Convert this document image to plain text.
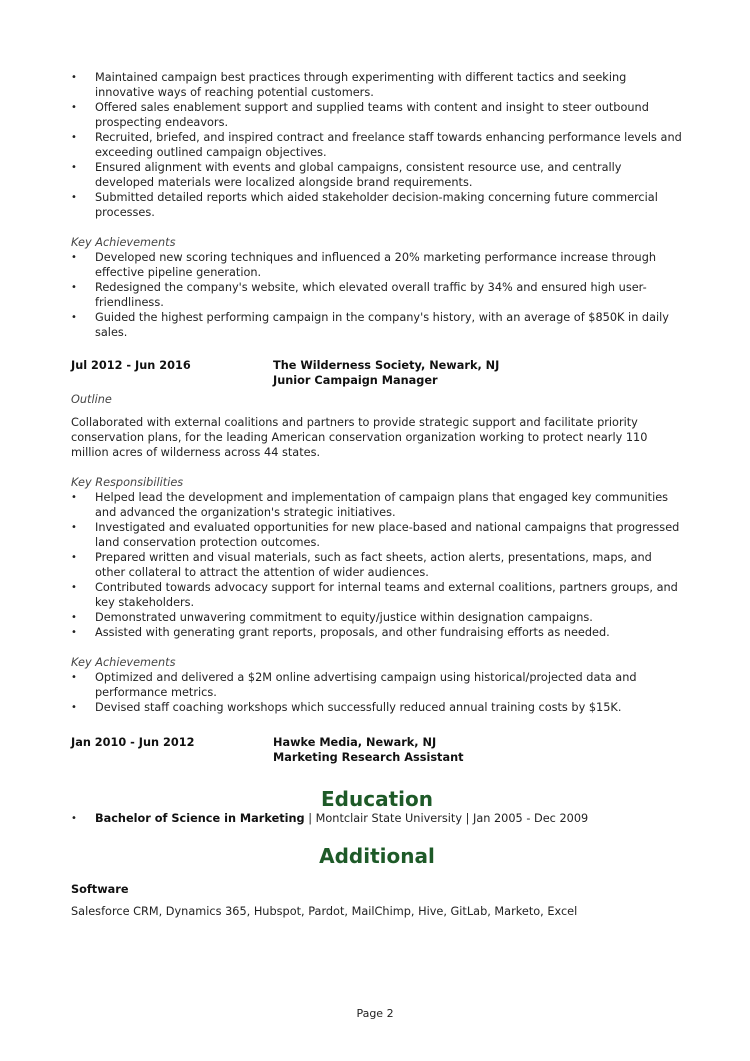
• Maintained campaign best practices through experimenting with different tactics and seeking innovative ways of reaching potential customers.
• Offered sales enablement support and supplied teams with content and insight to steer outbound prospecting endeavors.
• Recruited, briefed, and inspired contract and freelance staff towards enhancing performance levels and exceeding outlined campaign objectives.
• Ensured alignment with events and global campaigns, consistent resource use, and centrally developed materials were localized alongside brand requirements.
• Submitted detailed reports which aided stakeholder decision-making concerning future commercial processes.
Key Achievements
• Developed new scoring techniques and influenced a 20% marketing performance increase through effective pipeline generation.
• Redesigned the company's website, which elevated overall traffic by 34% and ensured high user-friendliness.
• Guided the highest performing campaign in the company's history, with an average of $850K in daily sales.
Jul 2012 - Jun 2016	The Wilderness Society, Newark, NJ
Junior Campaign Manager
Outline
Collaborated with external coalitions and partners to provide strategic support and facilitate priority conservation plans, for the leading American conservation organization working to protect nearly 110 million acres of wilderness across 44 states.
Key Responsibilities
• Helped lead the development and implementation of campaign plans that engaged key communities and advanced the organization's strategic initiatives.
• Investigated and evaluated opportunities for new place-based and national campaigns that progressed land conservation protection outcomes.
• Prepared written and visual materials, such as fact sheets, action alerts, presentations, maps, and other collateral to attract the attention of wider audiences.
• Contributed towards advocacy support for internal teams and external coalitions, partners groups, and key stakeholders.
• Demonstrated unwavering commitment to equity/justice within designation campaigns.
• Assisted with generating grant reports, proposals, and other fundraising efforts as needed.
Key Achievements
• Optimized and delivered a $2M online advertising campaign using historical/projected data and performance metrics.
• Devised staff coaching workshops which successfully reduced annual training costs by $15K.
Jan 2010 - Jun 2012	Hawke Media, Newark, NJ
Marketing Research Assistant
Education
• Bachelor of Science in Marketing | Montclair State University | Jan 2005 - Dec 2009
Additional
Software
Salesforce CRM, Dynamics 365, Hubspot, Pardot, MailChimp, Hive, GitLab, Marketo, Excel
Page 2
